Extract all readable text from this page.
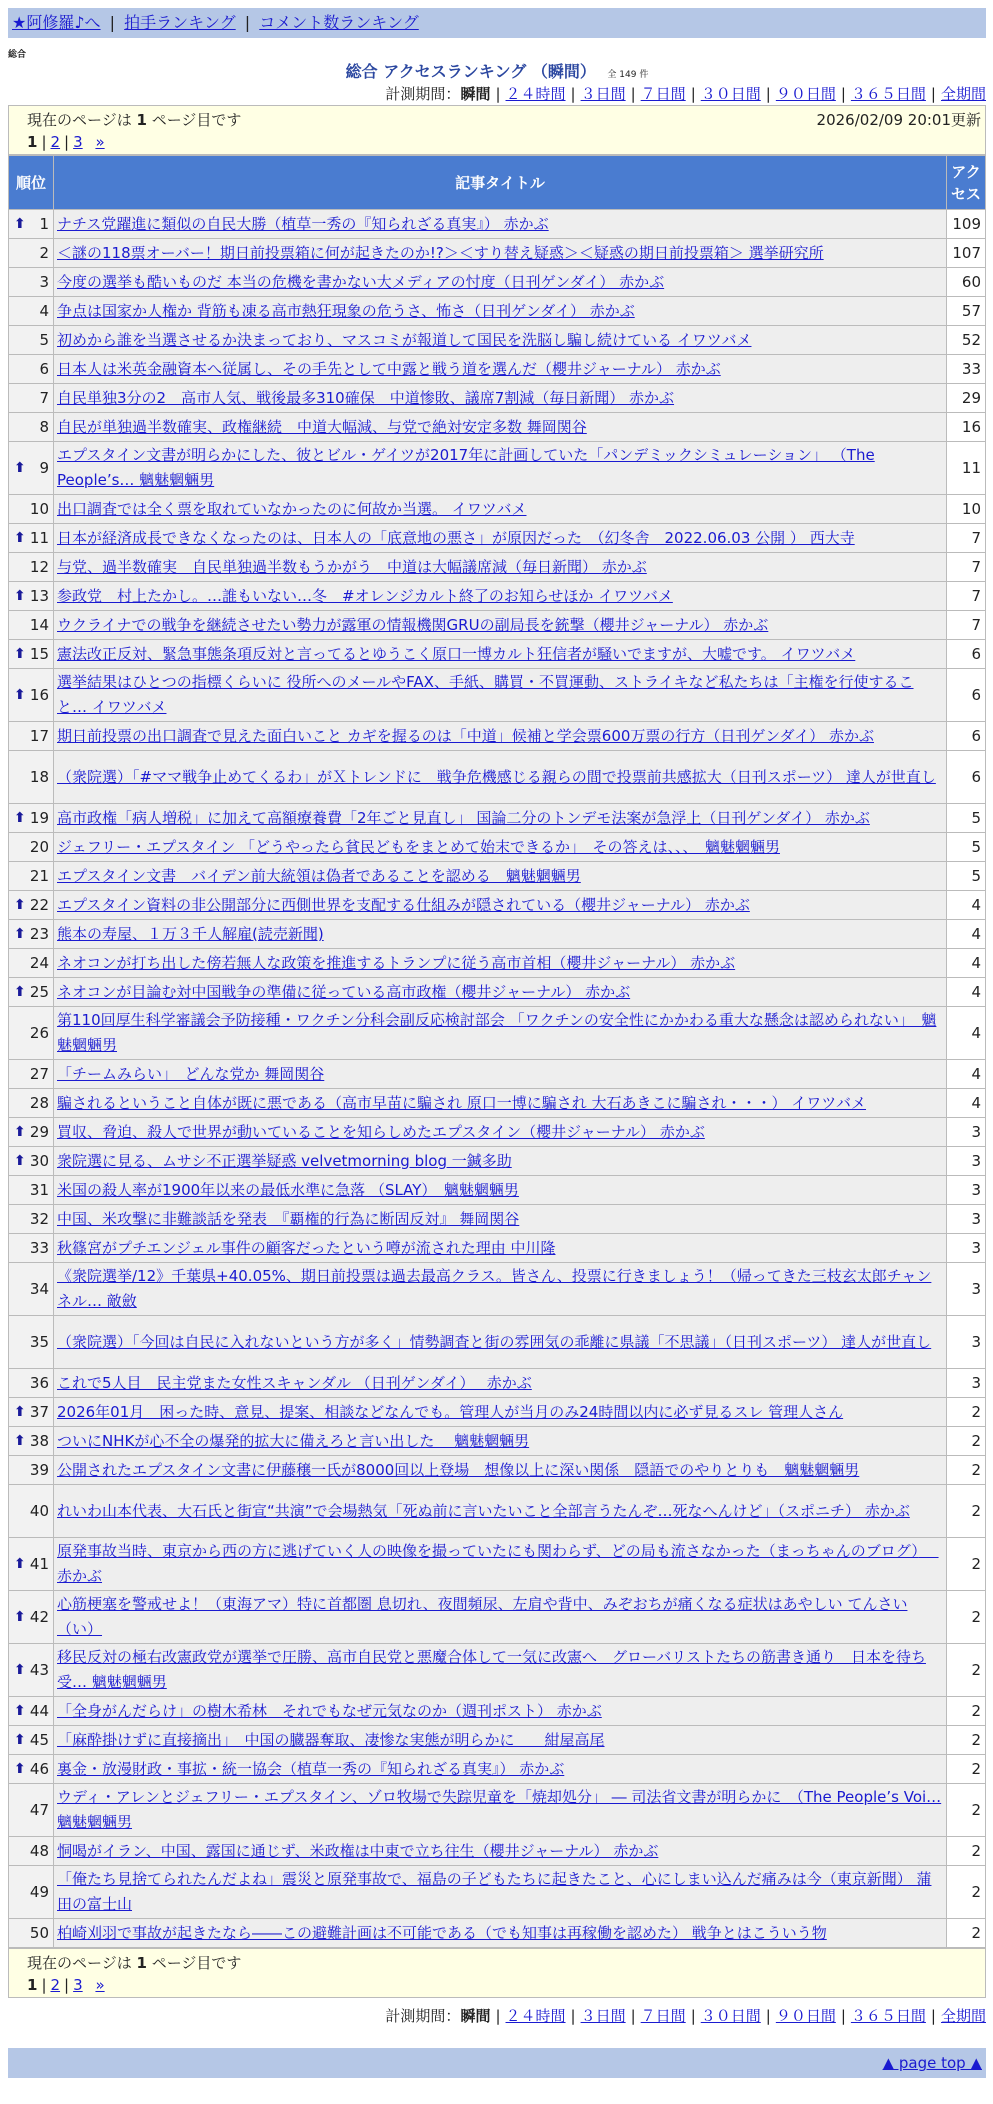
★阿修羅♪へ | 拍手ランキング | コメント数ランキング
総合
総合 アクセスランキング （瞬間） 全 149 件
計測期間：瞬間 | ２４時間 | ３日間 | ７日間 | ３０日間 | ９０日間 | ３６５日間 | 全期間
現在のページは 1 ページ目です	2026/02/09 20:01更新
1 | 2 | 3 »
順位	記事タイトル	アクセス

⬆ 1	ナチス党躍進に類似の自民大勝（植草一秀の『知られざる真実』） 赤かぶ	109
2	＜謎の118票オーバー！期日前投票箱に何が起きたのか!?＞＜すり替え疑惑＞＜疑惑の期日前投票箱＞ 選挙研究所	107
3	今度の選挙も酷いものだ 本当の危機を書かない大メディアの忖度（日刊ゲンダイ） 赤かぶ	60
4	争点は国家か人権か 背筋も凍る高市熱狂現象の危うさ、怖さ（日刊ゲンダイ） 赤かぶ	57
5	初めから誰を当選させるか決まっており、マスコミが報道して国民を洗脳し騙し続けている イワツバメ	52
6	日本人は米英金融資本へ従属し、その手先として中露と戦う道を選んだ（櫻井ジャーナル） 赤かぶ	33
7	自民単独3分の2　高市人気、戦後最多310確保　中道惨敗、議席7割減（毎日新聞） 赤かぶ	29
8	自民が単独過半数確実、政権継続　中道大幅減、与党で絶対安定多数 舞岡関谷	16

⬆ 9	エプスタイン文書が明らかにした、彼とビル・ゲイツが2017年に計画していた「パンデミックシミュレーション」 （The People’s… 魑魅魍魎男	11
10	出口調査では全く票を取れていなかったのに何故か当選。 イワツバメ	10

⬆ 11	日本が経済成長できなくなったのは、日本人の「底意地の悪さ」が原因だった　（幻冬舎　2022.06.03 公開 ） 西大寺	7
12	与党、過半数確実　自民単独過半数もうかがう　中道は大幅議席減（毎日新聞） 赤かぶ	7

⬆ 13	参政党　村上たかし。…誰もいない…冬　#オレンジカルト終了のお知らせほか イワツバメ	7
14	ウクライナでの戦争を継続させたい勢力が露軍の情報機関GRUの副局長を銃撃（櫻井ジャーナル） 赤かぶ	7

⬆ 15	憲法改正反対、緊急事態条項反対と言ってるとゆうこく原口一博カルト狂信者が騒いでますが、大嘘です。 イワツバメ	6

⬆ 16	選挙結果はひとつの指標くらいに 役所へのメールやFAX、手紙、購買・不買運動、ストライキなど私たちは「主権を行使すること… イワツバメ	6
17	期日前投票の出口調査で見えた面白いこと カギを握るのは「中道」候補と学会票600万票の行方（日刊ゲンダイ） 赤かぶ	6
18	（衆院選）「#ママ戦争止めてくるわ」がＸトレンドに　戦争危機感じる親らの間で投票前共感拡大（日刊スポーツ） 達人が世直し	6

⬆ 19	高市政権「病人増税」に加えて高額療養費「2年ごと見直し」 国論二分のトンデモ法案が急浮上（日刊ゲンダイ） 赤かぶ	5
20	ジェフリー・エプスタイン 「どうやったら貧民どもをまとめて始末できるか」　その答えは、、、　魑魅魍魎男	5
21	エプスタイン文書　バイデン前大統領は偽者であることを認める　魑魅魍魎男	5

⬆ 22	エプスタイン資料の非公開部分に西側世界を支配する仕組みが隠されている（櫻井ジャーナル） 赤かぶ	4

⬆ 23	熊本の寿屋、１万３千人解雇(読売新聞)	4
24	ネオコンが打ち出した傍若無人な政策を推進するトランプに従う高市首相（櫻井ジャーナル） 赤かぶ	4

⬆ 25	ネオコンが目論む対中国戦争の準備に従っている高市政権（櫻井ジャーナル） 赤かぶ	4
26	第110回厚生科学審議会予防接種・ワクチン分科会副反応検討部会 「ワクチンの安全性にかかわる重大な懸念は認められない」　魑魅魍魎男	4
27	「チームみらい」　どんな党か 舞岡関谷	4
28	騙されるということ自体が既に悪である（高市早苗に騙され 原口一博に騙され 大石あきこに騙され・・・） イワツバメ	4

⬆ 29	買収、脅迫、殺人で世界が動いていることを知らしめたエプスタイン（櫻井ジャーナル） 赤かぶ	3

⬆ 30	衆院選に見る、ムサシ不正選挙疑惑 velvetmorning blog 一鍼多助	3
31	米国の殺人率が1900年以来の最低水準に急落 （SLAY）　魑魅魍魎男	3
32	中国、米攻撃に非難談話を発表　『覇権的行為に断固反対』 舞岡関谷	3
33	秋篠宮がプチエンジェル事件の顧客だったという噂が流された理由 中川隆	3
34	《衆院選挙/12》千葉県+40.05%、期日前投票は過去最高クラス。皆さん、投票に行きましょう！（帰ってきた三枝玄太郎チャンネル… 敵斂	3
35	（衆院選）「今回は自民に入れないという方が多く」情勢調査と街の雰囲気の乖離に県議「不思議」（日刊スポーツ） 達人が世直し	3
36	これで5人目　民主党また女性スキャンダル （日刊ゲンダイ）　 赤かぶ	3

⬆ 37	2026年01月　困った時、意見、提案、相談などなんでも。管理人が当月のみ24時間以内に必ず見るスレ 管理人さん	2

⬆ 38	ついにNHKが心不全の爆発的拡大に備えろと言い出した　 魑魅魍魎男	2
39	公開されたエプスタイン文書に伊藤穣一氏が8000回以上登場　想像以上に深い関係　隠語でのやりとりも　魑魅魍魎男	2
40	れいわ山本代表、大石氏と街宣“共演”で会場熱気「死ぬ前に言いたいこと全部言うたんぞ…死なへんけど」（スポニチ） 赤かぶ	2

⬆ 41	原発事故当時、東京から西の方に逃げていく人の映像を撮っていたにも関わらず、どの局も流さなかった（まっちゃんのブログ）　 赤かぶ	2

⬆ 42	心筋梗塞を警戒せよ！（東海アマ）特に首都圏 息切れ、夜間頻尿、左肩や背中、みぞおちが痛くなる症状はあやしい てんさい（い）	2

⬆ 43	移民反対の極右改憲政党が選挙で圧勝、高市自民党と悪魔合体して一気に改憲へ　グローバリストたちの筋書き通り　日本を待ち受… 魑魅魍魎男	2

⬆ 44	「全身がんだらけ」の樹木希林　それでもなぜ元気なのか（週刊ポスト） 赤かぶ	2

⬆ 45	「麻酔掛けずに直接摘出」　中国の臓器奪取、凄惨な実態が明らかに　　紺屋高尾	2

⬆ 46	裏金・放漫財政・事拡・統一協会（植草一秀の『知られざる真実』） 赤かぶ	2
47	ウディ・アレンとジェフリー・エプスタイン、ゾロ牧場で失踪児童を「焼却処分」 ― 司法省文書が明らかに　（The People’s Voi… 魑魅魍魎男	2
48	恫喝がイラン、中国、露国に通じず、米政権は中東で立ち往生（櫻井ジャーナル） 赤かぶ	2
49	「俺たち見捨てられたんだよね」震災と原発事故で、福島の子どもたちに起きたこと、心にしまい込んだ痛みは今（東京新聞） 蒲田の富士山	2
50	柏崎刈羽で事故が起きたなら――この避難計画は不可能である（でも知事は再稼働を認めた） 戦争とはこういう物	2
現在のページは 1 ページ目です
1 | 2 | 3 »
計測期間：瞬間 | ２４時間 | ３日間 | ７日間 | ３０日間 | ９０日間 | ３６５日間 | 全期間
▲ page top ▲
